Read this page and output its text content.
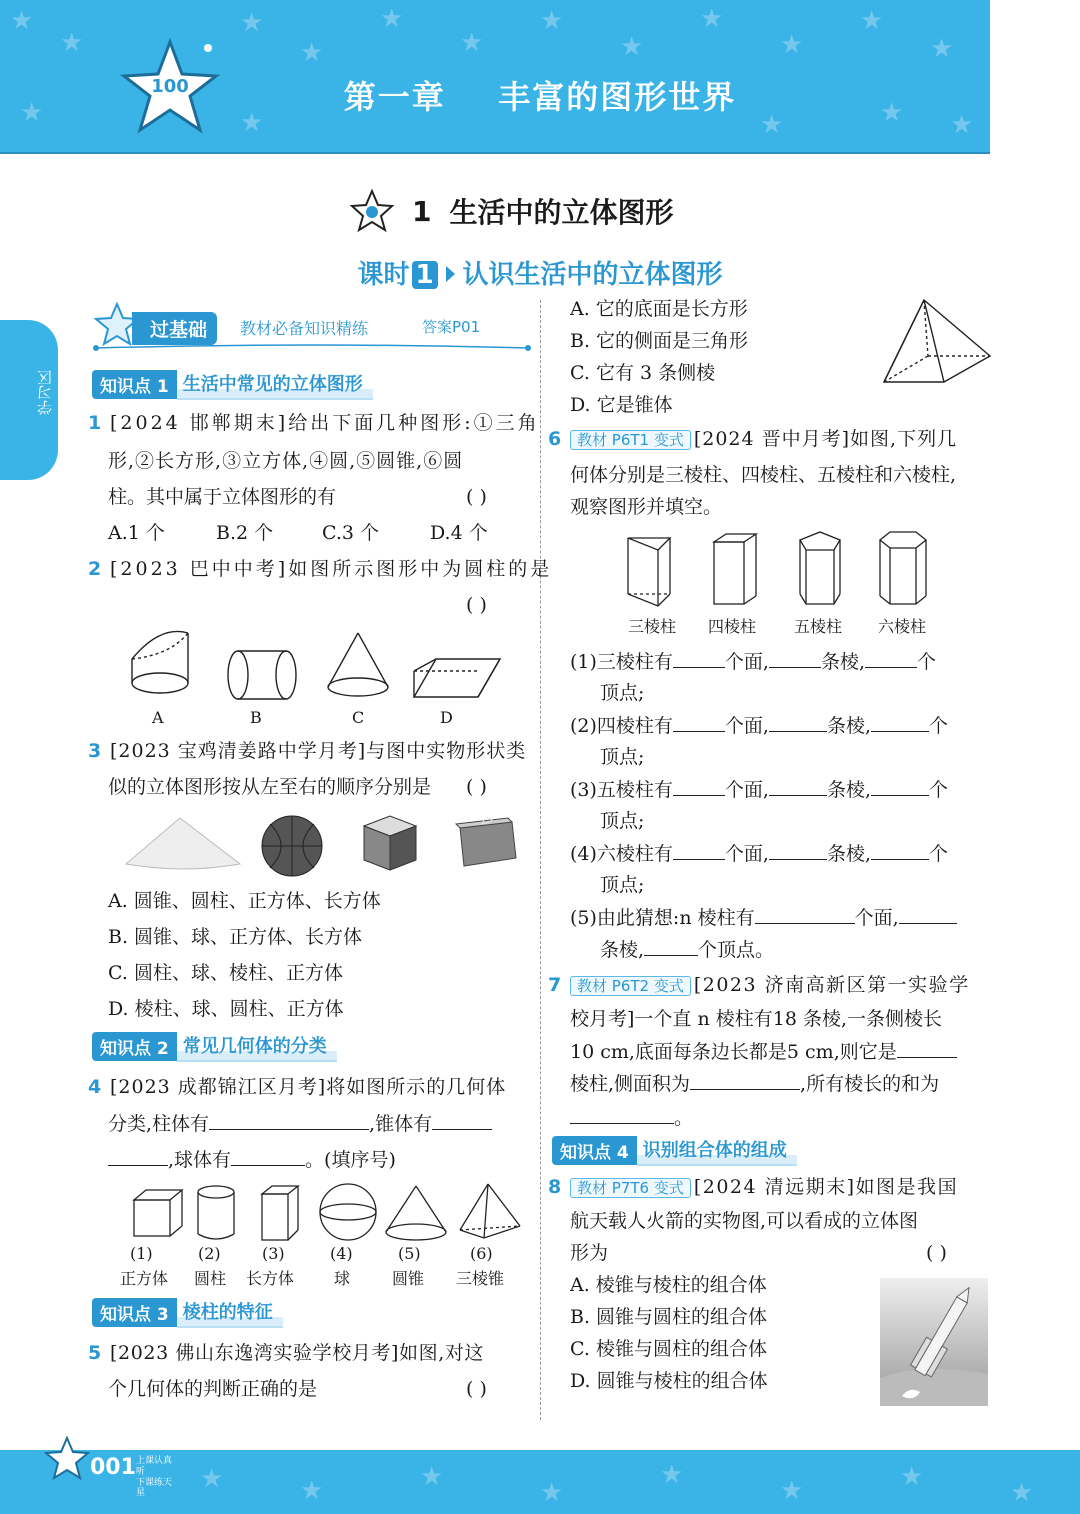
★
★
★
★
★
★
★
★
★
★
★
★
★	★	★	★ ★
100	第一章    丰富的图形世界
1 生活中的立体图形
课时 1 认识生活中的立体图形
学习区
过基础	教材必备知识精练	答案P01
知识点 1 生活中常见的立体图形
1 [2024 邯郸期末]给出下面几种图形:①三角
形,②长方形,③立方体,④圆,⑤圆锥,⑥圆
柱。其中属于立体图形的有	( )
A.1 个	B.2 个	C.3 个	D.4 个
2 [2023 巴中中考]如图所示图形中为圆柱的是
( )
A	B	C	D
3 [2023 宝鸡清姜路中学月考]与图中实物形状类
似的立体图形按从左至右的顺序分别是 ( )
A. 圆锥、圆柱、正方体、长方体
B. 圆锥、球、正方体、长方体
C. 圆柱、球、棱柱、正方体
D. 棱柱、球、圆柱、正方体
知识点 2 常见几何体的分类
4 [2023 成都锦江区月考]将如图所示的几何体
分类,柱体有	,锥体有
,球体有	。(填序号)
(1)	(2)	(3)	(4)	(5)	(6)
正方体 圆柱 长方体 球	圆锥 三棱锥
知识点 3 棱柱的特征
5 [2023 佛山东逸湾实验学校月考]如图,对这
个几何体的判断正确的是	( )
A. 它的底面是长方形
B. 它的侧面是三角形
C. 它有 3 条侧棱
D. 它是锥体
6	教材 P6T1 变式 [2024 晋中月考]如图,下列几
何体分别是三棱柱、四棱柱、五棱柱和六棱柱,
观察图形并填空。
三棱柱 四棱柱 五棱柱 六棱柱
(1)三棱柱有	个面,	条棱,	个
顶点;
(2)四棱柱有	个面,	条棱,	个
顶点;
(3)五棱柱有	个面,	条棱,	个
顶点;
(4)六棱柱有	个面,	条棱,	个
顶点;
(5)由此猜想:n 棱柱有	个面,
条棱,	个顶点。
7	教材 P6T2 变式 [2023 济南高新区第一实验学
校月考]一个直 n 棱柱有18 条棱,一条侧棱长
10 cm,底面每条边长都是5 cm,则它是
棱柱,侧面积为	,所有棱长的和为
。
知识点 4 识别组合体的组成
8	教材 P7T6 变式 [2024 清远期末]如图是我国
航天载人火箭的实物图,可以看成的立体图
形为	( )
A. 棱锥与棱柱的组合体
B. 圆锥与圆柱的组合体
C. 棱锥与圆柱的组合体
D. 圆锥与棱柱的组合体
★	★	★
★
★
★	★
★
001 上课认真听
下课练天星
